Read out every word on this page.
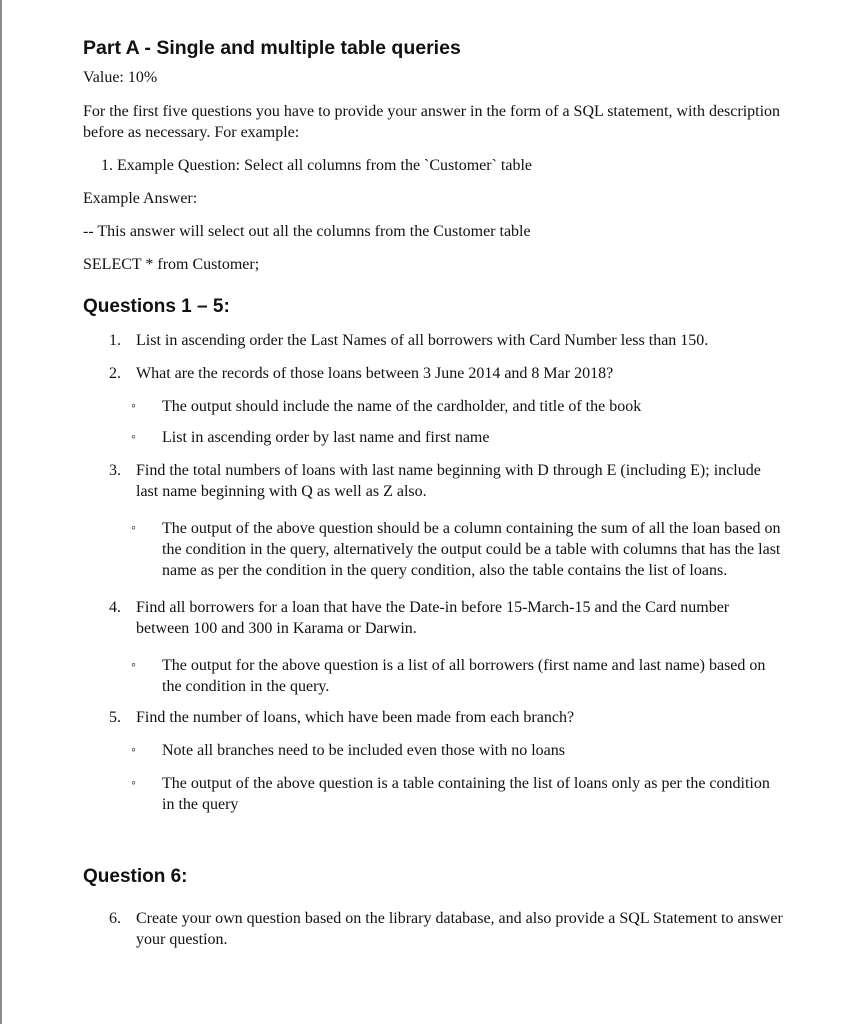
Part A - Single and multiple table queries

Value: 10%

For the first five questions you have to provide your answer in the form of a SQL statement, with description before as necessary. For example:

1. Example Question: Select all columns from the `Customer` table

Example Answer:

-- This answer will select out all the columns from the Customer table

SELECT * from Customer;

Questions 1 – 5:
1. List in ascending order the Last Names of all borrowers with Card Number less than 150.
2. What are the records of those loans between 3 June 2014 and 8 Mar 2018?
◦ The output should include the name of the cardholder, and title of the book
◦ List in ascending order by last name and first name
3. Find the total numbers of loans with last name beginning with D through E (including E); include last name beginning with Q as well as Z also.
◦ The output of the above question should be a column containing the sum of all the loan based on the condition in the query, alternatively the output could be a table with columns that has the last name as per the condition in the query condition, also the table contains the list of loans.
4. Find all borrowers for a loan that have the Date-in before 15-March-15 and the Card number between 100 and 300 in Karama or Darwin.
◦ The output for the above question is a list of all borrowers (first name and last name) based on the condition in the query.
5. Find the number of loans, which have been made from each branch?
◦ Note all branches need to be included even those with no loans
◦ The output of the above question is a table containing the list of loans only as per the condition in the query
Question 6:
6. Create your own question based on the library database, and also provide a SQL Statement to answer your question.
